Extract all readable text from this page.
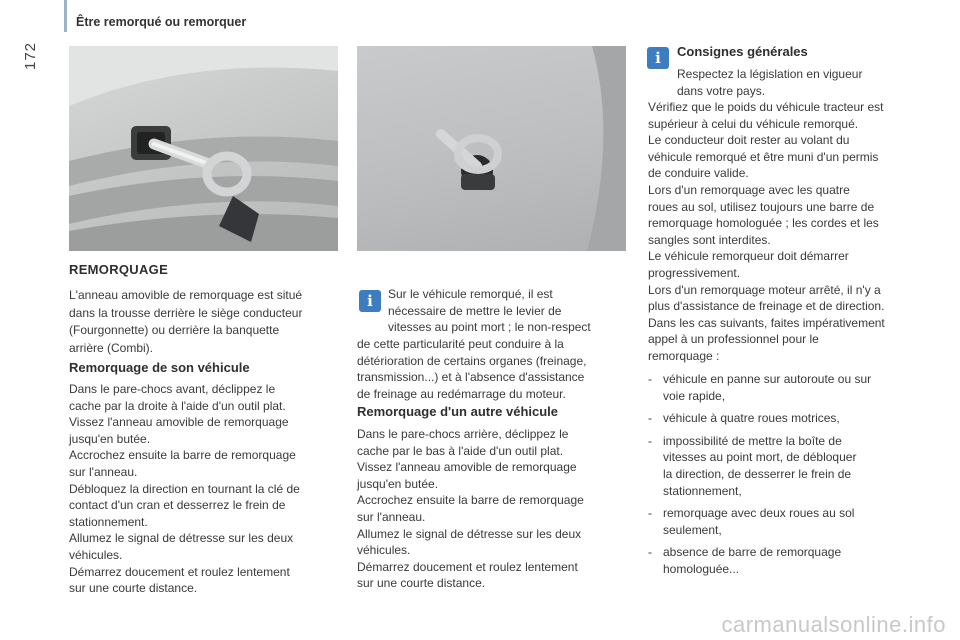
Être remorqué ou remorquer
172
REMORQUAGE
L'anneau amovible de remorquage est situé
dans la trousse derrière le siège conducteur
(Fourgonnette) ou derrière la banquette
arrière (Combi).
Remorquage de son véhicule
Dans le pare-chocs avant, déclippez le
cache par la droite à l'aide d'un outil plat.
Vissez l'anneau amovible de remorquage
jusqu'en butée.
Accrochez ensuite la barre de remorquage
sur l'anneau.
Débloquez la direction en tournant la clé de
contact d'un cran et desserrez le frein de
stationnement.
Allumez le signal de détresse sur les deux
véhicules.
Démarrez doucement et roulez lentement
sur une courte distance.
i	Sur le véhicule remorqué, il est
nécessaire de mettre le levier de
vitesses au point mort ; le non-respect
de cette particularité peut conduire à la
détérioration de certains organes (freinage,
transmission...) et à l'absence d'assistance
de freinage au redémarrage du moteur.
Remorquage d'un autre véhicule
Dans le pare-chocs arrière, déclippez le
cache par le bas à l'aide d'un outil plat.
Vissez l'anneau amovible de remorquage
jusqu'en butée.
Accrochez ensuite la barre de remorquage
sur l'anneau.
Allumez le signal de détresse sur les deux
véhicules.
Démarrez doucement et roulez lentement
sur une courte distance.
i	Consignes générales
Respectez la législation en vigueur
dans votre pays.
Vérifiez que le poids du véhicule tracteur est
supérieur à celui du véhicule remorqué.
Le conducteur doit rester au volant du
véhicule remorqué et être muni d'un permis
de conduire valide.
Lors d'un remorquage avec les quatre
roues au sol, utilisez toujours une barre de
remorquage homologuée ; les cordes et les
sangles sont interdites.
Le véhicule remorqueur doit démarrer
progressivement.
Lors d'un remorquage moteur arrêté, il n'y a
plus d'assistance de freinage et de direction.
Dans les cas suivants, faites impérativement
appel à un professionnel pour le
remorquage :
- véhicule en panne sur autoroute ou sur
voie rapide,
- véhicule à quatre roues motrices,
- impossibilité de mettre la boîte de
vitesses au point mort, de débloquer
la direction, de desserrer le frein de
stationnement,
- remorquage avec deux roues au sol
seulement,
- absence de barre de remorquage
homologuée...
carmanualsonline.info
